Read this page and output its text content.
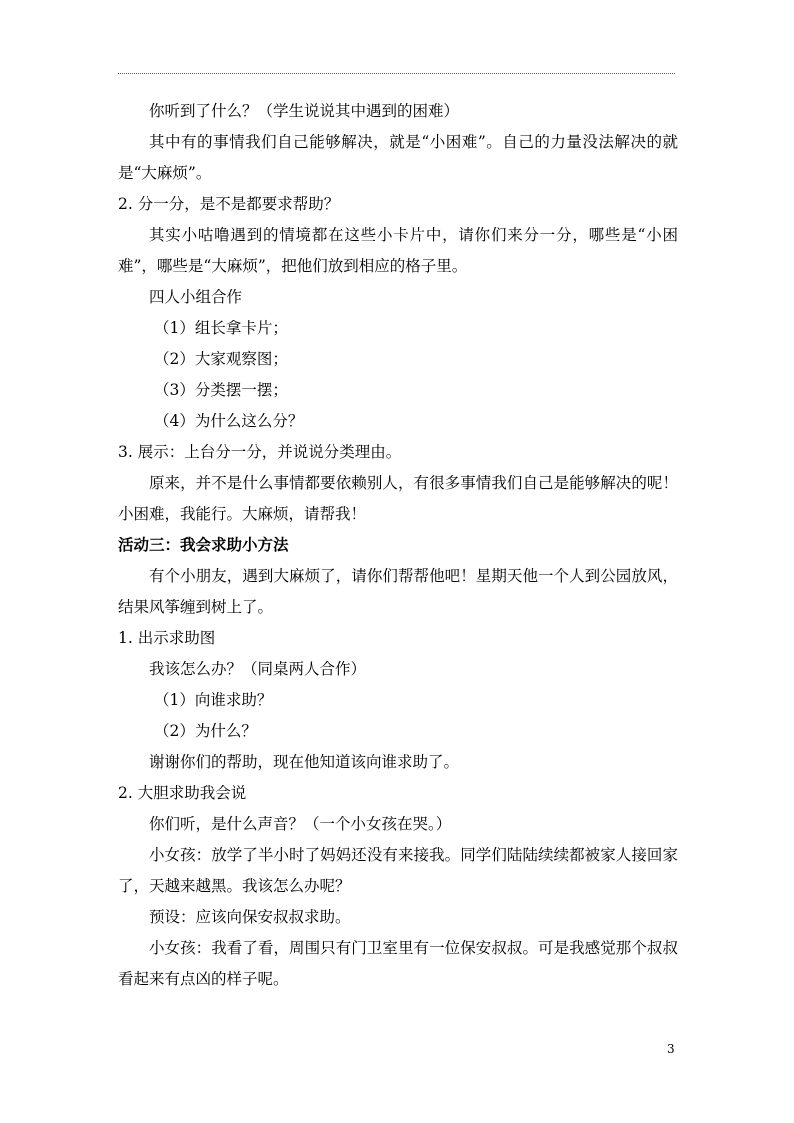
你听到了什么？（学生说说其中遇到的困难）

其中有的事情我们自己能够解决，就是“小困难”。自己的力量没法解决的就是“大麻烦”。

2. 分一分，是不是都要求帮助？

其实小咕噜遇到的情境都在这些小卡片中，请你们来分一分，哪些是“小困难”，哪些是“大麻烦”，把他们放到相应的格子里。

四人小组合作

（1）组长拿卡片；

（2）大家观察图；

（3）分类摆一摆；

（4）为什么这么分？

3. 展示：上台分一分，并说说分类理由。

原来，并不是什么事情都要依赖别人，有很多事情我们自己是能够解决的呢！小困难，我能行。大麻烦，请帮我！

活动三：我会求助小方法

有个小朋友，遇到大麻烦了，请你们帮帮他吧！星期天他一个人到公园放风，结果风筝缠到树上了。

1. 出示求助图

我该怎么办？（同桌两人合作）

（1）向谁求助？

（2）为什么？

谢谢你们的帮助，现在他知道该向谁求助了。

2. 大胆求助我会说

你们听，是什么声音？（一个小女孩在哭。）

小女孩：放学了半小时了妈妈还没有来接我。同学们陆陆续续都被家人接回家了，天越来越黑。我该怎么办呢？

预设：应该向保安叔叔求助。

小女孩：我看了看，周围只有门卫室里有一位保安叔叔。可是我感觉那个叔叔看起来有点凶的样子呢。

3
